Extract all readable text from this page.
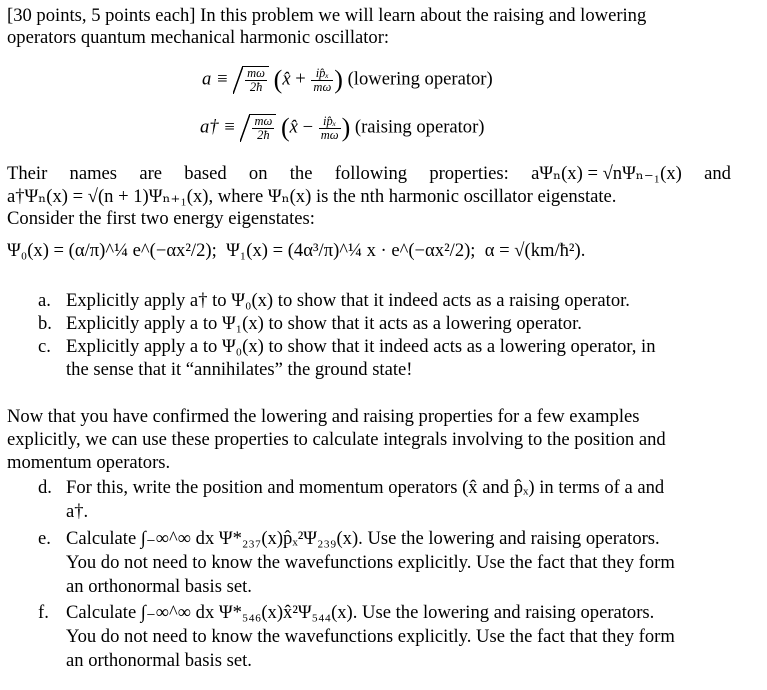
[30 points, 5 points each] In this problem we will learn about the raising and lowering
operators quantum mechanical harmonic oscillator:
$a \equiv \frac{m\omega}{2ħ}$ (x̂ + $\frac{\text{ip̂ₓ}}{m\omega}$ ) (lowering operator)
a† ≡ $\frac{m\omega}{2ħ}$ (x̂ − $\frac{\text{ip̂ₓ}}{m\omega}$ ) (raising operator)
Their names are based on the following properties: aΨₙ(x) = √nΨₙ₋₁(x) and
a†Ψₙ(x) = √(n + 1)Ψₙ₊₁(x), where Ψₙ(x) is the nth harmonic oscillator eigenstate.
Consider the first two energy eigenstates:
Ψ₀(x) = (α/π)^¼ e^(−αx²/2); Ψ₁(x) = (4α³/π)^¼ x · e^(−αx²/2); α = √(km/ħ²).
a. Explicitly apply a† to Ψ₀(x) to show that it indeed acts as a raising operator.
b. Explicitly apply a to Ψ₁(x) to show that it acts as a lowering operator.
c. Explicitly apply a to Ψ₀(x) to show that it indeed acts as a lowering operator, in
the sense that it “annihilates” the ground state!
Now that you have confirmed the lowering and raising properties for a few examples
explicitly, we can use these properties to calculate integrals involving to the position and
momentum operators.
d. For this, write the position and momentum operators (x̂ and p̂ₓ) in terms of a and
a†.
e. Calculate ∫₋∞^∞ dx Ψ*₂₃₇(x)p̂ₓ²Ψ₂₃₉(x). Use the lowering and raising operators.
You do not need to know the wavefunctions explicitly. Use the fact that they form
an orthonormal basis set.
f. Calculate ∫₋∞^∞ dx Ψ*₅₄₆(x)x̂²Ψ₅₄₄(x). Use the lowering and raising operators.
You do not need to know the wavefunctions explicitly. Use the fact that they form
an orthonormal basis set.
